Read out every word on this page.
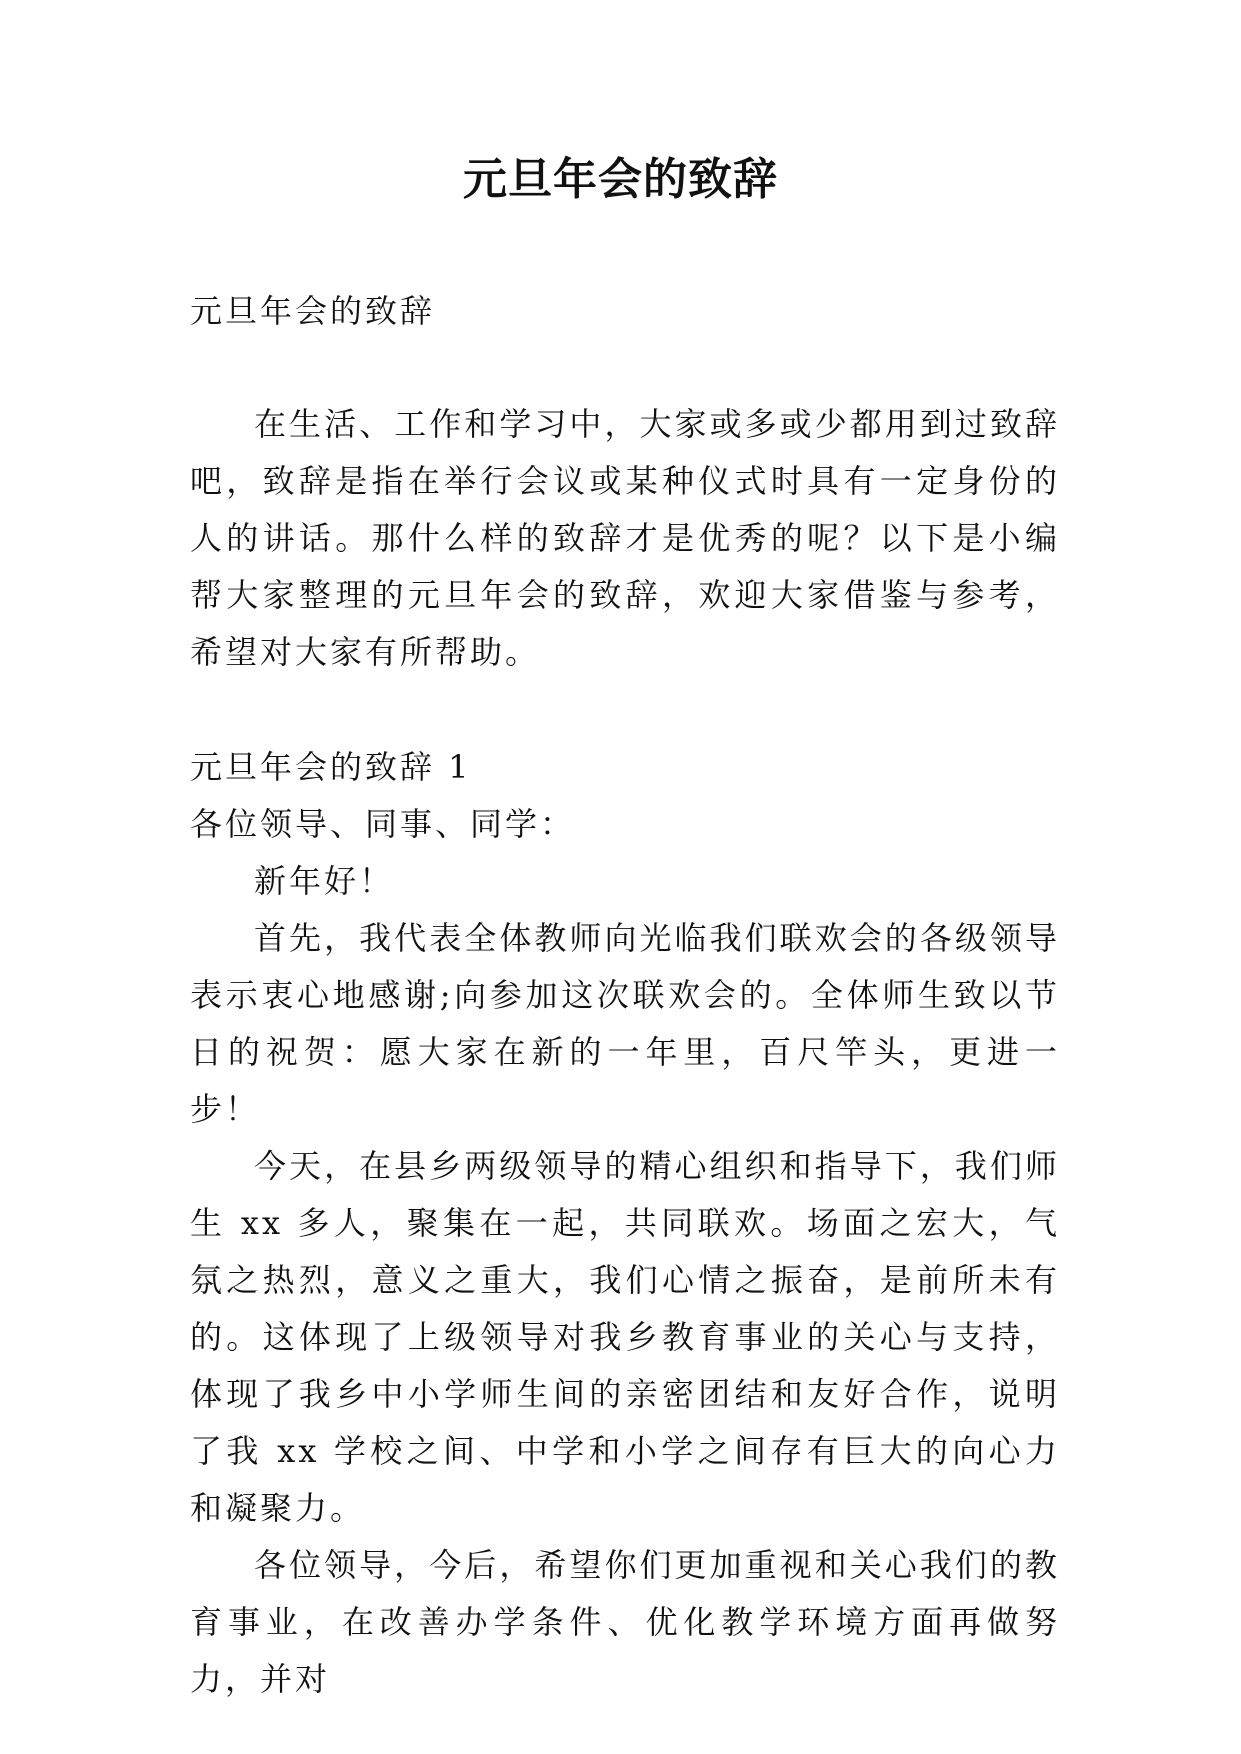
元旦年会的致辞

元旦年会的致辞

在生活、工作和学习中，大家或多或少都用到过致辞吧，致辞是指在举行会议或某种仪式时具有一定身份的人的讲话。那什么样的致辞才是优秀的呢？以下是小编帮大家整理的元旦年会的致辞，欢迎大家借鉴与参考，希望对大家有所帮助。

元旦年会的致辞 1

各位领导、同事、同学：

新年好！

首先，我代表全体教师向光临我们联欢会的各级领导表示衷心地感谢;向参加这次联欢会的。全体师生致以节日的祝贺：愿大家在新的一年里，百尺竿头，更进一步！

今天，在县乡两级领导的精心组织和指导下，我们师生 xx 多人，聚集在一起，共同联欢。场面之宏大，气氛之热烈，意义之重大，我们心情之振奋，是前所未有的。这体现了上级领导对我乡教育事业的关心与支持，体现了我乡中小学师生间的亲密团结和友好合作，说明了我 xx 学校之间、中学和小学之间存有巨大的向心力和凝聚力。

各位领导，今后，希望你们更加重视和关心我们的教育事业，在改善办学条件、优化教学环境方面再做努力，并对
